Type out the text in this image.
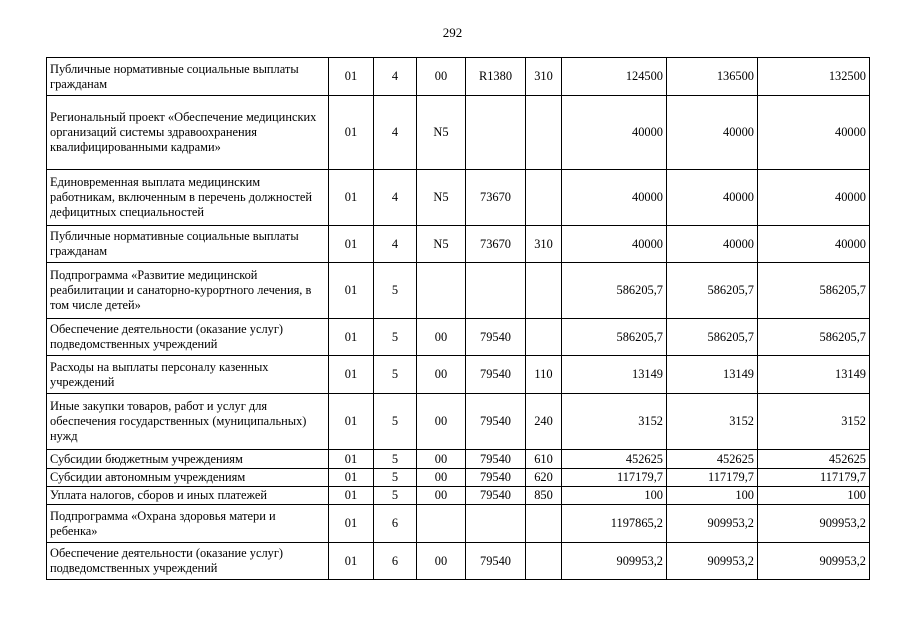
292
Публичные нормативные социальные выплаты гражданам	01	4	00	R1380	310	124500	136500	132500
Региональный проект «Обеспечение медицинских организаций системы здравоохранения квалифицированными кадрами»	01	4	N5			40000	40000	40000
Единовременная выплата медицинским работникам, включенным в перечень должностей дефицитных специальностей	01	4	N5	73670		40000	40000	40000
Публичные нормативные социальные выплаты гражданам	01	4	N5	73670	310	40000	40000	40000
Подпрограмма «Развитие медицинской реабилитации и санаторно-курортного лечения, в том числе детей»	01	5				586205,7	586205,7	586205,7
Обеспечение деятельности (оказание услуг) подведомственных учреждений	01	5	00	79540		586205,7	586205,7	586205,7
Расходы на выплаты персоналу казенных учреждений	01	5	00	79540	110	13149	13149	13149
Иные закупки товаров, работ и услуг для обеспечения государственных (муниципальных) нужд	01	5	00	79540	240	3152	3152	3152
Субсидии бюджетным учреждениям	01	5	00	79540	610	452625	452625	452625
Субсидии автономным учреждениям	01	5	00	79540	620	117179,7	117179,7	117179,7
Уплата налогов, сборов и иных платежей	01	5	00	79540	850	100	100	100
Подпрограмма «Охрана здоровья матери и ребенка»	01	6				1197865,2	909953,2	909953,2
Обеспечение деятельности (оказание услуг) подведомственных учреждений	01	6	00	79540		909953,2	909953,2	909953,2
